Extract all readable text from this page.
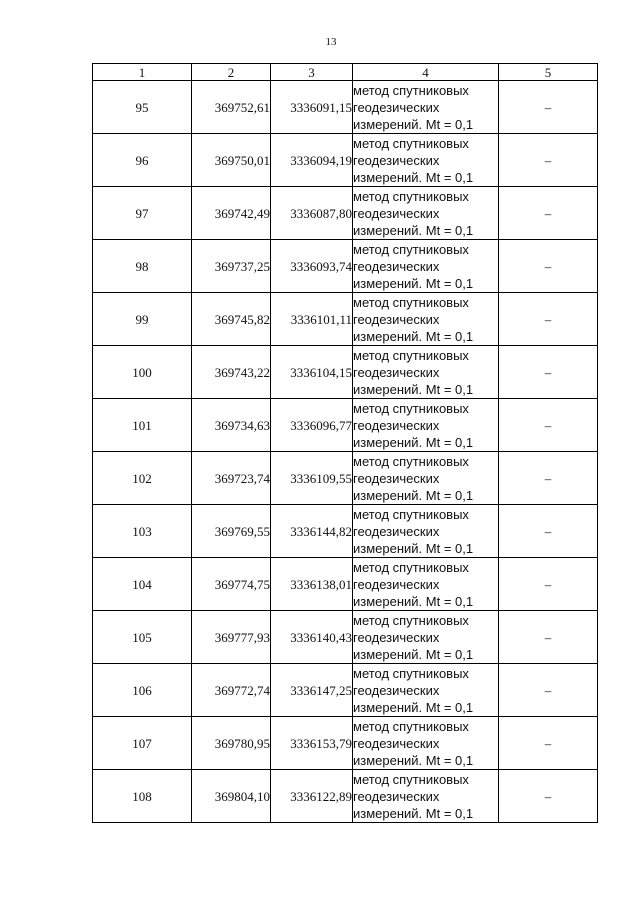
13
1	2	3	4	5
95	369752,61	3336091,15	метод спутниковых
геодезических
измерений. Mt = 0,1	–
96	369750,01	3336094,19	метод спутниковых
геодезических
измерений. Mt = 0,1	–
97	369742,49	3336087,80	метод спутниковых
геодезических
измерений. Mt = 0,1	–
98	369737,25	3336093,74	метод спутниковых
геодезических
измерений. Mt = 0,1	–
99	369745,82	3336101,11	метод спутниковых
геодезических
измерений. Mt = 0,1	–
100	369743,22	3336104,15	метод спутниковых
геодезических
измерений. Mt = 0,1	–
101	369734,63	3336096,77	метод спутниковых
геодезических
измерений. Mt = 0,1	–
102	369723,74	3336109,55	метод спутниковых
геодезических
измерений. Mt = 0,1	–
103	369769,55	3336144,82	метод спутниковых
геодезических
измерений. Mt = 0,1	–
104	369774,75	3336138,01	метод спутниковых
геодезических
измерений. Mt = 0,1	–
105	369777,93	3336140,43	метод спутниковых
геодезических
измерений. Mt = 0,1	–
106	369772,74	3336147,25	метод спутниковых
геодезических
измерений. Mt = 0,1	–
107	369780,95	3336153,79	метод спутниковых
геодезических
измерений. Mt = 0,1	–
108	369804,10	3336122,89	метод спутниковых
геодезических
измерений. Mt = 0,1	–
